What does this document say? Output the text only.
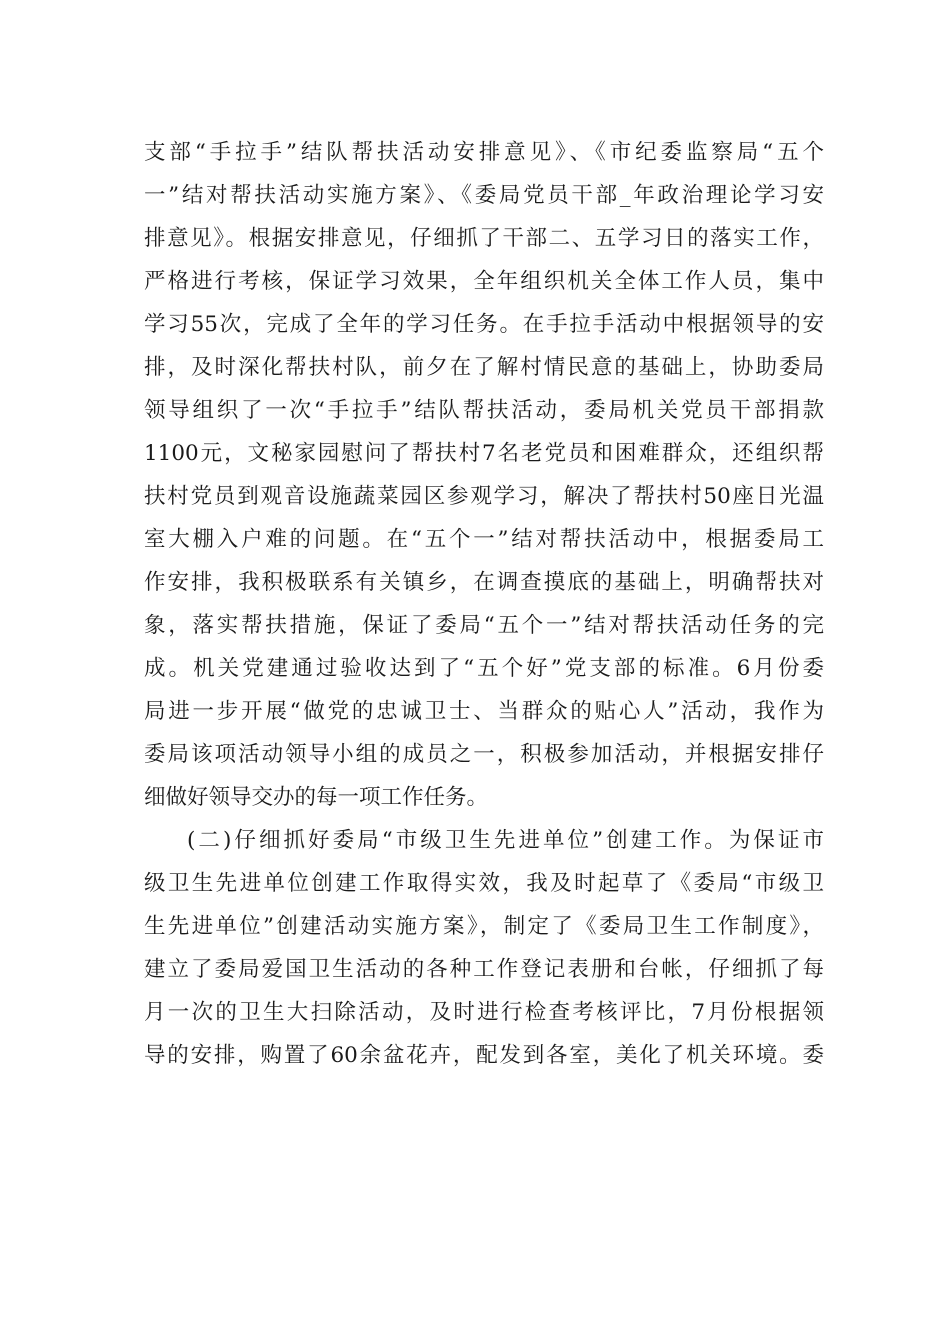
支部“手拉手”结队帮扶活动安排意见》、《市纪委监察局“五个
一”结对帮扶活动实施方案》、《委局党员干部_年政治理论学习安
排意见》。根据安排意见，仔细抓了干部二、五学习日的落实工作，
严格进行考核，保证学习效果，全年组织机关全体工作人员，集中
学习55次，完成了全年的学习任务。在手拉手活动中根据领导的安
排，及时深化帮扶村队，前夕在了解村情民意的基础上，协助委局
领导组织了一次“手拉手”结队帮扶活动，委局机关党员干部捐款
1100元，文秘家园慰问了帮扶村7名老党员和困难群众，还组织帮
扶村党员到观音设施蔬菜园区参观学习，解决了帮扶村50座日光温
室大棚入户难的问题。在“五个一”结对帮扶活动中，根据委局工
作安排，我积极联系有关镇乡，在调查摸底的基础上，明确帮扶对
象，落实帮扶措施，保证了委局“五个一”结对帮扶活动任务的完
成。机关党建通过验收达到了“五个好”党支部的标准。6月份委
局进一步开展“做党的忠诚卫士、当群众的贴心人”活动，我作为
委局该项活动领导小组的成员之一，积极参加活动，并根据安排仔
细做好领导交办的每一项工作任务。
(二)仔细抓好委局“市级卫生先进单位”创建工作。为保证市
级卫生先进单位创建工作取得实效，我及时起草了《委局“市级卫
生先进单位”创建活动实施方案》，制定了《委局卫生工作制度》，
建立了委局爱国卫生活动的各种工作登记表册和台帐，仔细抓了每
月一次的卫生大扫除活动，及时进行检查考核评比，7月份根据领
导的安排，购置了60余盆花卉，配发到各室，美化了机关环境。委
